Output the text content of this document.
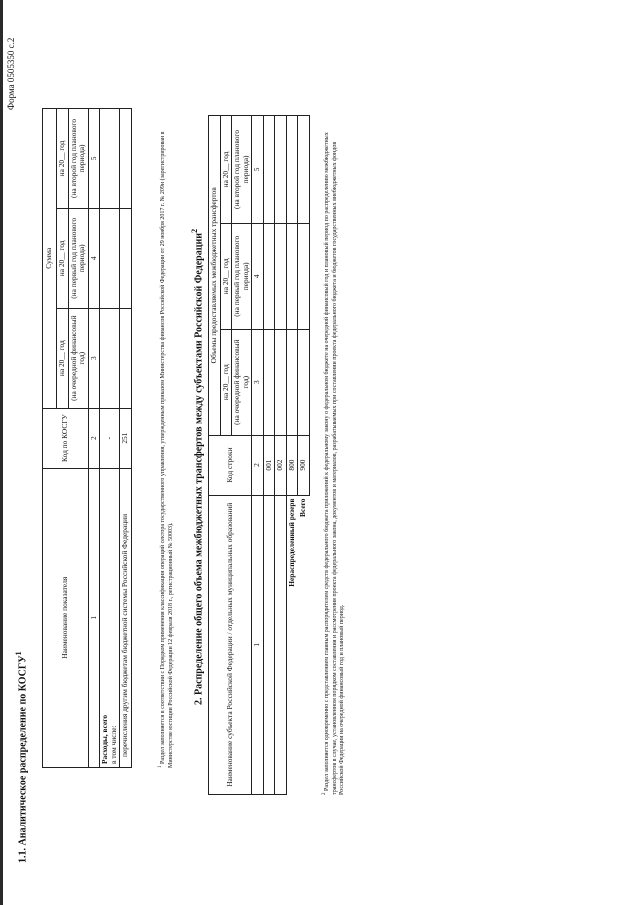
Форма 0505350 с.2
1.1. Аналитическое распределение по КОСГУ$^1$	Наименование показателя	Код по КОСГУ	Сумма		
		на 20__ год	на 20__ год	на 20__ год
		(на очередной финансовый год)	(на первый год планового периода)	(на второй год планового периода)
1	2	3	4	5
Расходы, всего
в том числе:	-			
перечисления другим бюджетам бюджетной системы Российской Федерации	251			
$^1$ Раздел заполняется в соответствии с Порядком применения классификации операций сектора государственного управления, утвержденным приказом Министерства финансов Российской Федерации от 29 ноября 2017 г. № 209н (зарегистрирован в Министерстве юстиции Российской Федерации 12 февраля 2018 г., регистрационный № 50003).	2. Распределение общего объема межбюджетных трансфертов между субъектами Российской Федерации$^2$
Наименование субъекта Российской Федерации / отдельных муниципальных образований	Код строки	Объемы предоставляемых межбюджетных трансфертов		
		на 20__ год	на 20__ год	на 20__ год
		(на очередной финансовый год)	(на первый год планового периода)	(на второй год планового периода)
1	2	3	4	5
	001			
	002			
Нераспределенный резерв	800			
Всего	900			
$^2$ Раздел заполняется одновременно с представлением главным распорядителем средств федерального бюджета приложений к федеральному закону о федеральном бюджете на очередной финансовый год и плановый период по распределению межбюджетных трансфертов в случае, установленном порядком составления и рассмотрения проекта федерального закона, документов и материалов, разрабатываемых при составлении проекта федерального бюджета и бюджетов государственных внебюджетных фондов Российской Федерации на очередной финансовый год и плановый период.
